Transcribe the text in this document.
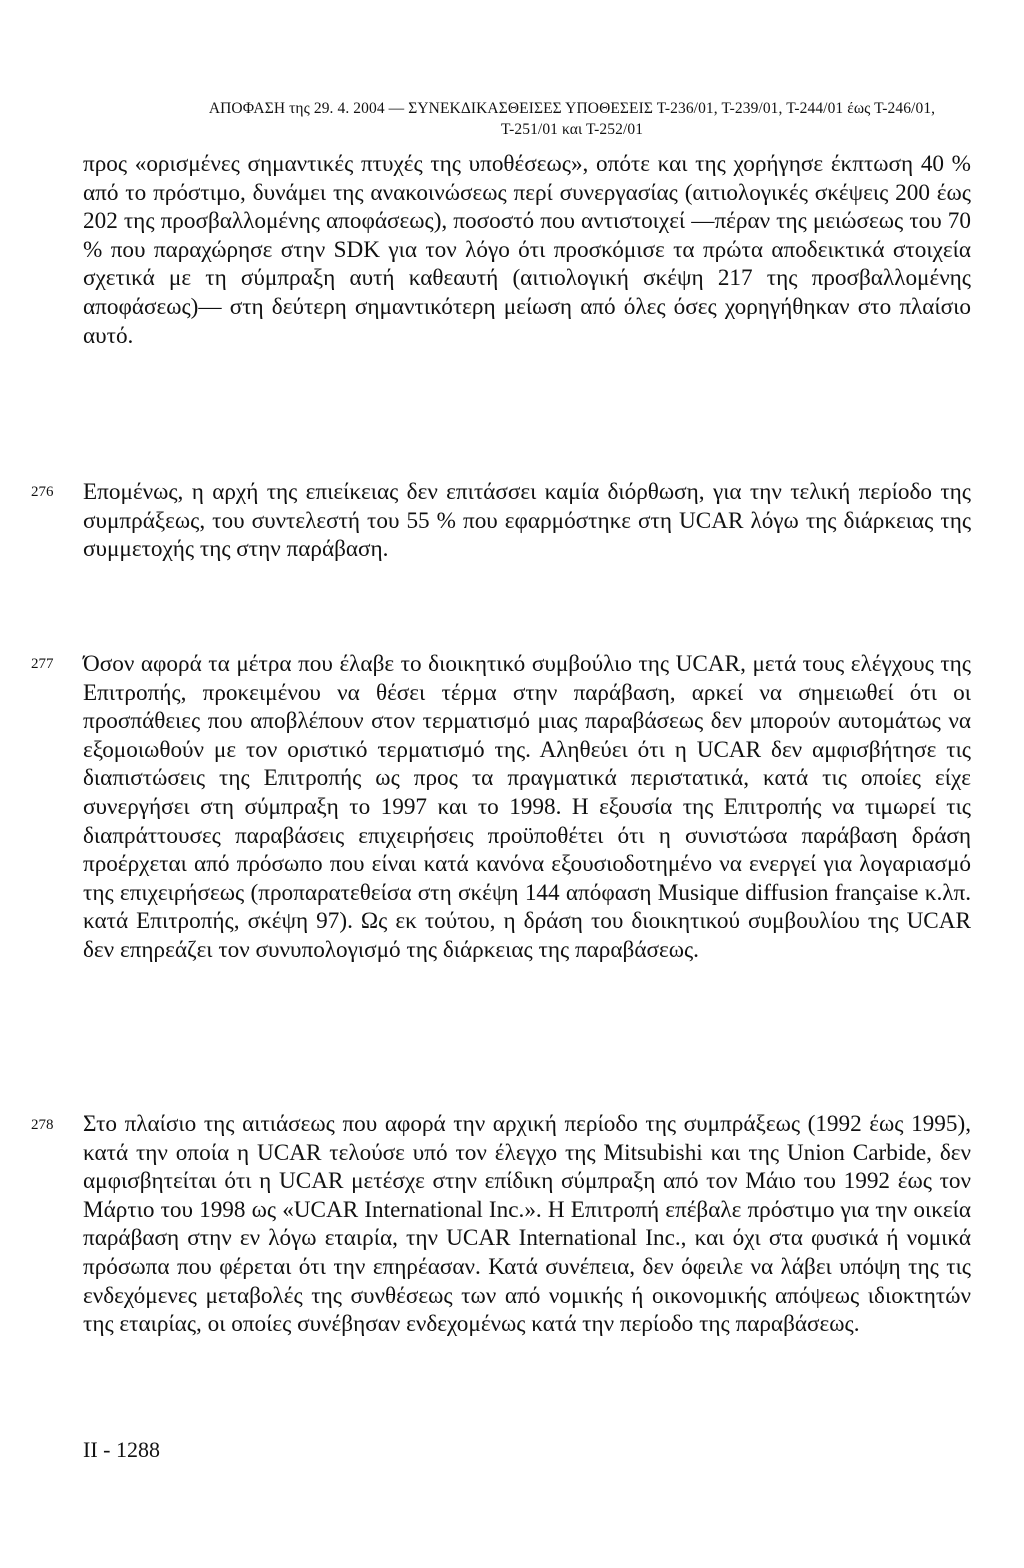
ΑΠΟΦΑΣΗ της 29. 4. 2004 — ΣΥΝΕΚΔΙΚΑΣΘΕΙΣΕΣ ΥΠΟΘΕΣΕΙΣ Τ-236/01, Τ-239/01, Τ-244/01 έως Τ-246/01,
Τ-251/01 και Τ-252/01

προς «ορισμένες σημαντικές πτυχές της υποθέσεως», οπότε και της χορήγησε έκπτωση 40 % από το πρόστιμο, δυνάμει της ανακοινώσεως περί συνεργασίας (αιτιολογικές σκέψεις 200 έως 202 της προσβαλλομένης αποφάσεως), ποσοστό που αντιστοιχεί —πέραν της μειώσεως του 70 % που παραχώρησε στην SDK για τον λόγο ότι προσκόμισε τα πρώτα αποδεικτικά στοιχεία σχετικά με τη σύμπραξη αυτή καθεαυτή (αιτιολογική σκέψη 217 της προσβαλλομένης αποφάσεως)— στη δεύτερη σημαντικότερη μείωση από όλες όσες χορηγήθηκαν στο πλαίσιο αυτό.

276 Επομένως, η αρχή της επιείκειας δεν επιτάσσει καμία διόρθωση, για την τελική περίοδο της συμπράξεως, του συντελεστή του 55 % που εφαρμόστηκε στη UCAR λόγω της διάρκειας της συμμετοχής της στην παράβαση.

277 Όσον αφορά τα μέτρα που έλαβε το διοικητικό συμβούλιο της UCAR, μετά τους ελέγχους της Επιτροπής, προκειμένου να θέσει τέρμα στην παράβαση, αρκεί να σημειωθεί ότι οι προσπάθειες που αποβλέπουν στον τερματισμό μιας παραβάσεως δεν μπορούν αυτομάτως να εξομοιωθούν με τον οριστικό τερματισμό της. Αληθεύει ότι η UCAR δεν αμφισβήτησε τις διαπιστώσεις της Επιτροπής ως προς τα πραγματικά περιστατικά, κατά τις οποίες είχε συνεργήσει στη σύμπραξη το 1997 και το 1998. Η εξουσία της Επιτροπής να τιμωρεί τις διαπράττουσες παραβάσεις επιχειρήσεις προϋποθέτει ότι η συνιστώσα παράβαση δράση προέρχεται από πρόσωπο που είναι κατά κανόνα εξουσιοδοτημένο να ενεργεί για λογαριασμό της επιχειρήσεως (προπαρατεθείσα στη σκέψη 144 απόφαση Musique diffusion française κ.λπ. κατά Επιτροπής, σκέψη 97). Ως εκ τούτου, η δράση του διοικητικού συμβουλίου της UCAR δεν επηρεάζει τον συνυπολογισμό της διάρκειας της παραβάσεως.

278 Στο πλαίσιο της αιτιάσεως που αφορά την αρχική περίοδο της συμπράξεως (1992 έως 1995), κατά την οποία η UCAR τελούσε υπό τον έλεγχο της Mitsubishi και της Union Carbide, δεν αμφισβητείται ότι η UCAR μετέσχε στην επίδικη σύμπραξη από τον Μάιο του 1992 έως τον Μάρτιο του 1998 ως «UCAR International Inc.». Η Επιτροπή επέβαλε πρόστιμο για την οικεία παράβαση στην εν λόγω εταιρία, την UCAR International Inc., και όχι στα φυσικά ή νομικά πρόσωπα που φέρεται ότι την επηρέασαν. Κατά συνέπεια, δεν όφειλε να λάβει υπόψη της τις ενδεχόμενες μεταβολές της συνθέσεως των από νομικής ή οικονομικής απόψεως ιδιοκτητών της εταιρίας, οι οποίες συνέβησαν ενδεχομένως κατά την περίοδο της παραβάσεως.

II - 1288
